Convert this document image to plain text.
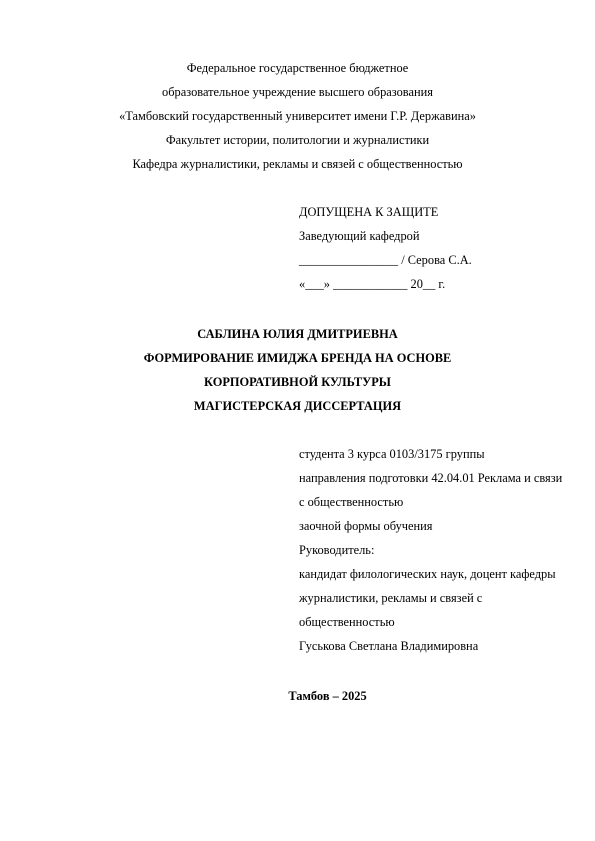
Федеральное государственное бюджетное
образовательное учреждение высшего образования
«Тамбовский государственный университет имени Г.Р. Державина»
Факультет истории, политологии и журналистики
Кафедра журналистики, рекламы и связей с общественностью
ДОПУЩЕНА К ЗАЩИТЕ
Заведующий кафедрой
________________ / Серова С.А.
«___» ____________ 20__ г.
САБЛИНА ЮЛИЯ ДМИТРИЕВНА
ФОРМИРОВАНИЕ ИМИДЖА БРЕНДА НА ОСНОВЕ
КОРПОРАТИВНОЙ КУЛЬТУРЫ
МАГИСТЕРСКАЯ ДИССЕРТАЦИЯ
студента 3 курса 0103/3175 группы
направления подготовки 42.04.01 Реклама и связи с общественностью
заочной формы обучения
Руководитель:
кандидат филологических наук, доцент кафедры журналистики, рекламы и связей с общественностью
Гуськова Светлана Владимировна
Тамбов – 2025
